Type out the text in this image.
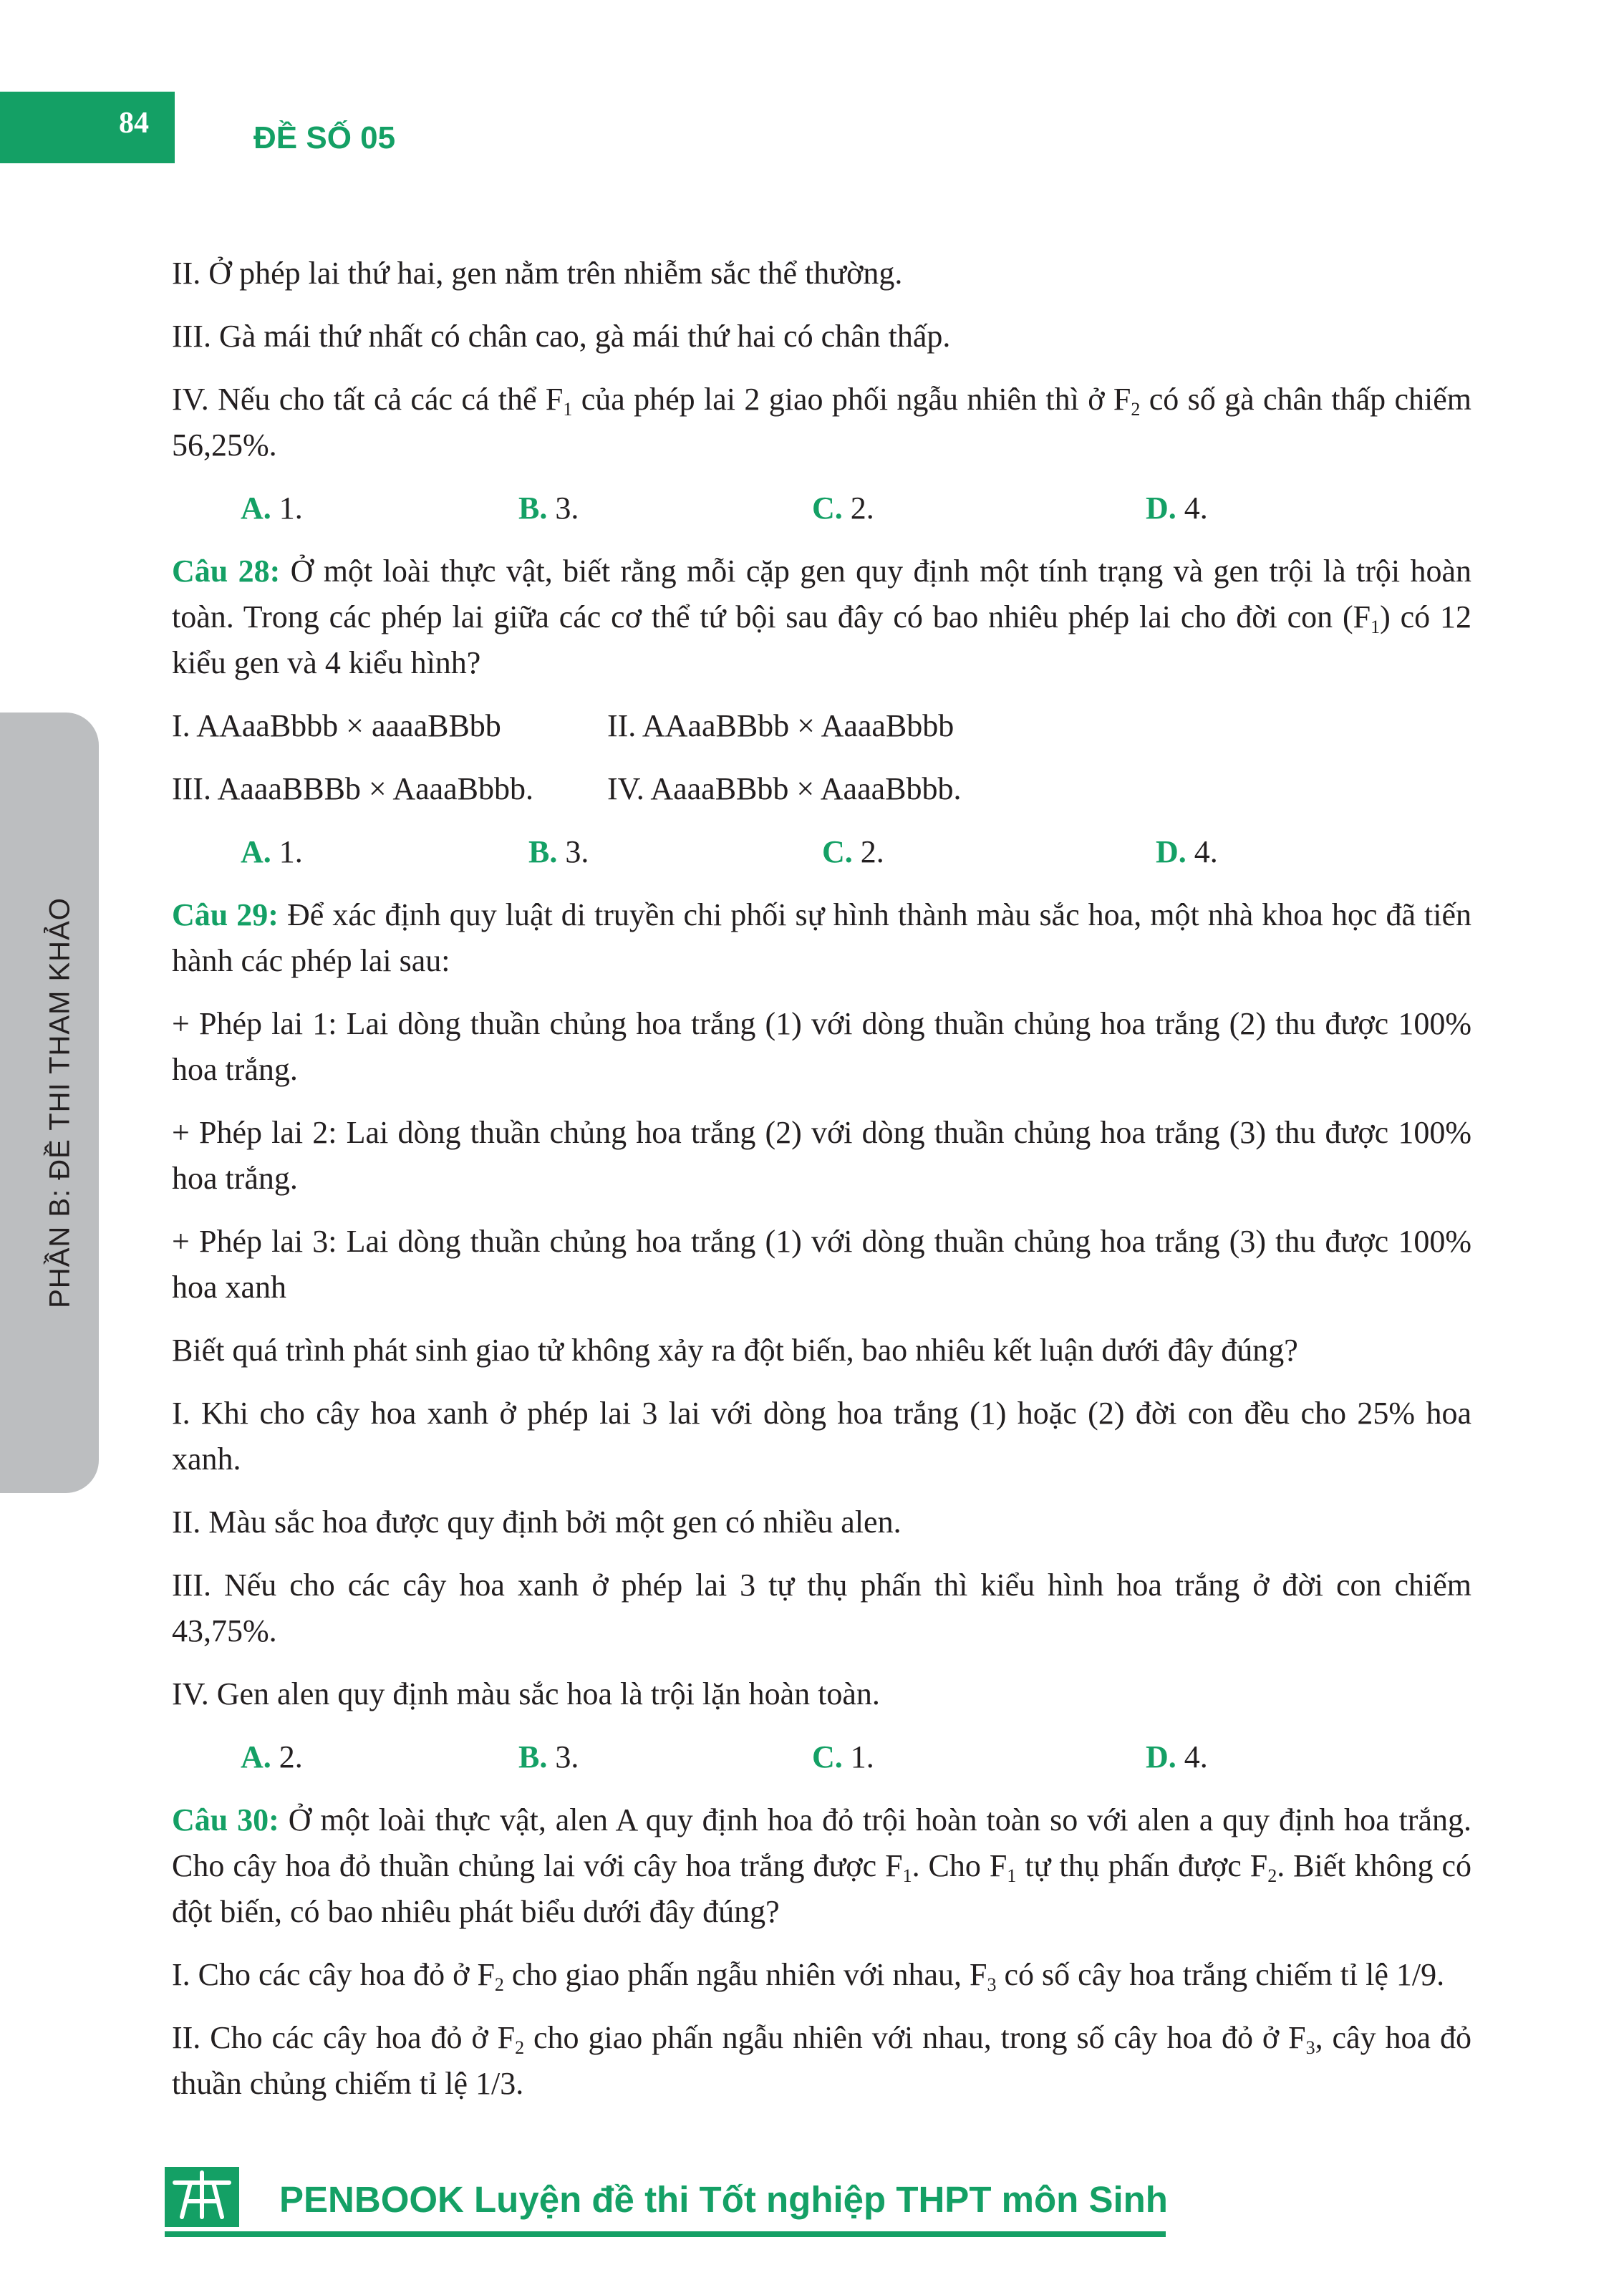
84	ĐỀ SỐ 05
PHẦN B: ĐỀ THI THAM KHẢO

II. Ở phép lai thứ hai, gen nằm trên nhiễm sắc thể thường.

III. Gà mái thứ nhất có chân cao, gà mái thứ hai có chân thấp.

IV. Nếu cho tất cả các cá thể $F_1$ của phép lai 2 giao phối ngẫu nhiên thì ở $F_2$ có số gà chân thấp chiếm 56,25%.

A. 1.	B. 3.	C. 2.	D. 4.

Câu 28: Ở một loài thực vật, biết rằng mỗi cặp gen quy định một tính trạng và gen trội là trội hoàn toàn. Trong các phép lai giữa các cơ thể tứ bội sau đây có bao nhiêu phép lai cho đời con $(F_1)$ có 12 kiểu gen và 4 kiểu hình?

I. AAaaBbbb × aaaaBBbb	II. AAaaBBbb × AaaaBbbb
III. AaaaBBBb × AaaaBbbb. IV. AaaaBBbb × AaaaBbbb.
A. 1.	B. 3.	C. 2.	D. 4.

Câu 29: Để xác định quy luật di truyền chi phối sự hình thành màu sắc hoa, một nhà khoa học đã tiến hành các phép lai sau:

+ Phép lai 1: Lai dòng thuần chủng hoa trắng (1) với dòng thuần chủng hoa trắng (2) thu được 100% hoa trắng.

+ Phép lai 2: Lai dòng thuần chủng hoa trắng (2) với dòng thuần chủng hoa trắng (3) thu được 100% hoa trắng.

+ Phép lai 3: Lai dòng thuần chủng hoa trắng (1) với dòng thuần chủng hoa trắng (3) thu được 100% hoa xanh

Biết quá trình phát sinh giao tử không xảy ra đột biến, bao nhiêu kết luận dưới đây đúng?

I. Khi cho cây hoa xanh ở phép lai 3 lai với dòng hoa trắng (1) hoặc (2) đời con đều cho 25% hoa xanh.

II. Màu sắc hoa được quy định bởi một gen có nhiều alen.

III. Nếu cho các cây hoa xanh ở phép lai 3 tự thụ phấn thì kiểu hình hoa trắng ở đời con chiếm 43,75%.

IV. Gen alen quy định màu sắc hoa là trội lặn hoàn toàn.

A. 2.	B. 3.	C. 1.	D. 4.

Câu 30: Ở một loài thực vật, alen A quy định hoa đỏ trội hoàn toàn so với alen a quy định hoa trắng. Cho cây hoa đỏ thuần chủng lai với cây hoa trắng được $F_1$. Cho $F_1$ tự thụ phấn được $F_2$. Biết không có đột biến, có bao nhiêu phát biểu dưới đây đúng?

I. Cho các cây hoa đỏ ở $F_2$ cho giao phấn ngẫu nhiên với nhau, $F_3$ có số cây hoa trắng chiếm tỉ lệ 1/9.

II. Cho các cây hoa đỏ ở $F_2$ cho giao phấn ngẫu nhiên với nhau, trong số cây hoa đỏ ở $F_3$, cây hoa đỏ thuần chủng chiếm tỉ lệ 1/3.

PENBOOK Luyện đề thi Tốt nghiệp THPT môn Sinh
